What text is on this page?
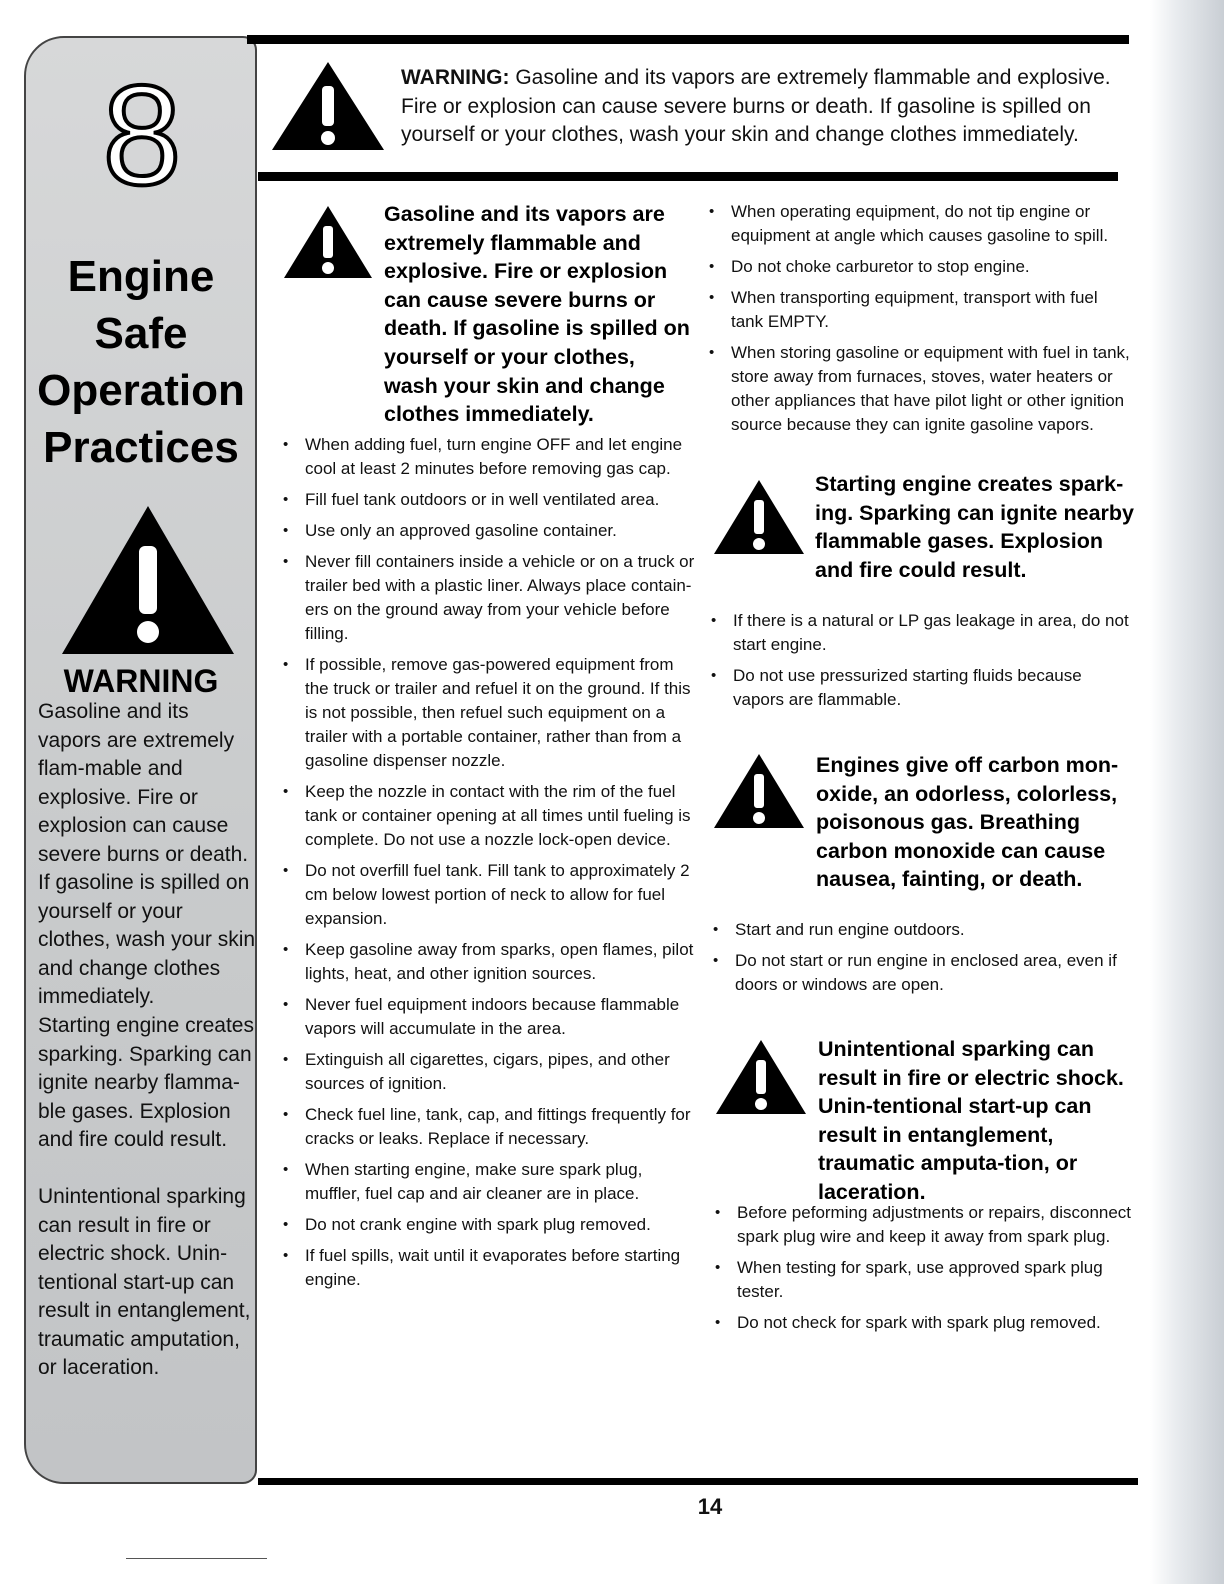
8
Engine
Safe
Operation
Practices
WARNING
Gasoline and its vapors are extremely flam-mable and explosive. Fire or explosion can cause severe burns or death. If gasoline is spilled on yourself or your clothes, wash your skin and change clothes immediately.
Starting engine creates sparking. Sparking can ignite nearby flamma-ble gases. Explosion and fire could result.
Unintentional sparking can result in fire or electric shock. Unin-tentional start-up can result in entanglement, traumatic amputation, or laceration.
WARNING: Gasoline and its vapors are extremely flammable and explosive. Fire or explosion can cause severe burns or death. If gasoline is spilled on yourself or your clothes, wash your skin and change clothes immediately.
Gasoline and its vapors are extremely flammable and explosive. Fire or explosion can cause severe burns or death. If gasoline is spilled on yourself or your clothes, wash your skin and change clothes immediately.
• When adding fuel, turn engine OFF and let engine cool at least 2 minutes before removing gas cap.
• Fill fuel tank outdoors or in well ventilated area.
• Use only an approved gasoline container.
• Never fill containers inside a vehicle or on a truck or trailer bed with a plastic liner. Always place contain-ers on the ground away from your vehicle before filling.
• If possible, remove gas-powered equipment from the truck or trailer and refuel it on the ground. If this is not possible, then refuel such equipment on a trailer with a portable container, rather than from a gasoline dispenser nozzle.
• Keep the nozzle in contact with the rim of the fuel tank or container opening at all times until fueling is complete. Do not use a nozzle lock-open device.
• Do not overfill fuel tank. Fill tank to approximately 2 cm below lowest portion of neck to allow for fuel expansion.
• Keep gasoline away from sparks, open flames, pilot lights, heat, and other ignition sources.
• Never fuel equipment indoors because flammable vapors will accumulate in the area.
• Extinguish all cigarettes, cigars, pipes, and other sources of ignition.
• Check fuel line, tank, cap, and fittings frequently for cracks or leaks. Replace if necessary.
• When starting engine, make sure spark plug, muffler, fuel cap and air cleaner are in place.
• Do not crank engine with spark plug removed.
• If fuel spills, wait until it evaporates before starting engine.
• When operating equipment, do not tip engine or equipment at angle which causes gasoline to spill.
• Do not choke carburetor to stop engine.
• When transporting equipment, transport with fuel tank EMPTY.
• When storing gasoline or equipment with fuel in tank, store away from furnaces, stoves, water heaters or other appliances that have pilot light or other ignition source because they can ignite gasoline vapors.
Starting engine creates spark-ing. Sparking can ignite nearby flammable gases. Explosion and fire could result.
• If there is a natural or LP gas leakage in area, do not start engine.
• Do not use pressurized starting fluids because vapors are flammable.
Engines give off carbon mon-oxide, an odorless, colorless, poisonous gas. Breathing carbon monoxide can cause nausea, fainting, or death.
• Start and run engine outdoors.
• Do not start or run engine in enclosed area, even if doors or windows are open.
Unintentional sparking can result in fire or electric shock. Unin-tentional start-up can result in entanglement, traumatic amputa-tion, or laceration.
• Before peforming adjustments or repairs, disconnect spark plug wire and keep it away from spark plug.
• When testing for spark, use approved spark plug tester.
• Do not check for spark with spark plug removed.
14
